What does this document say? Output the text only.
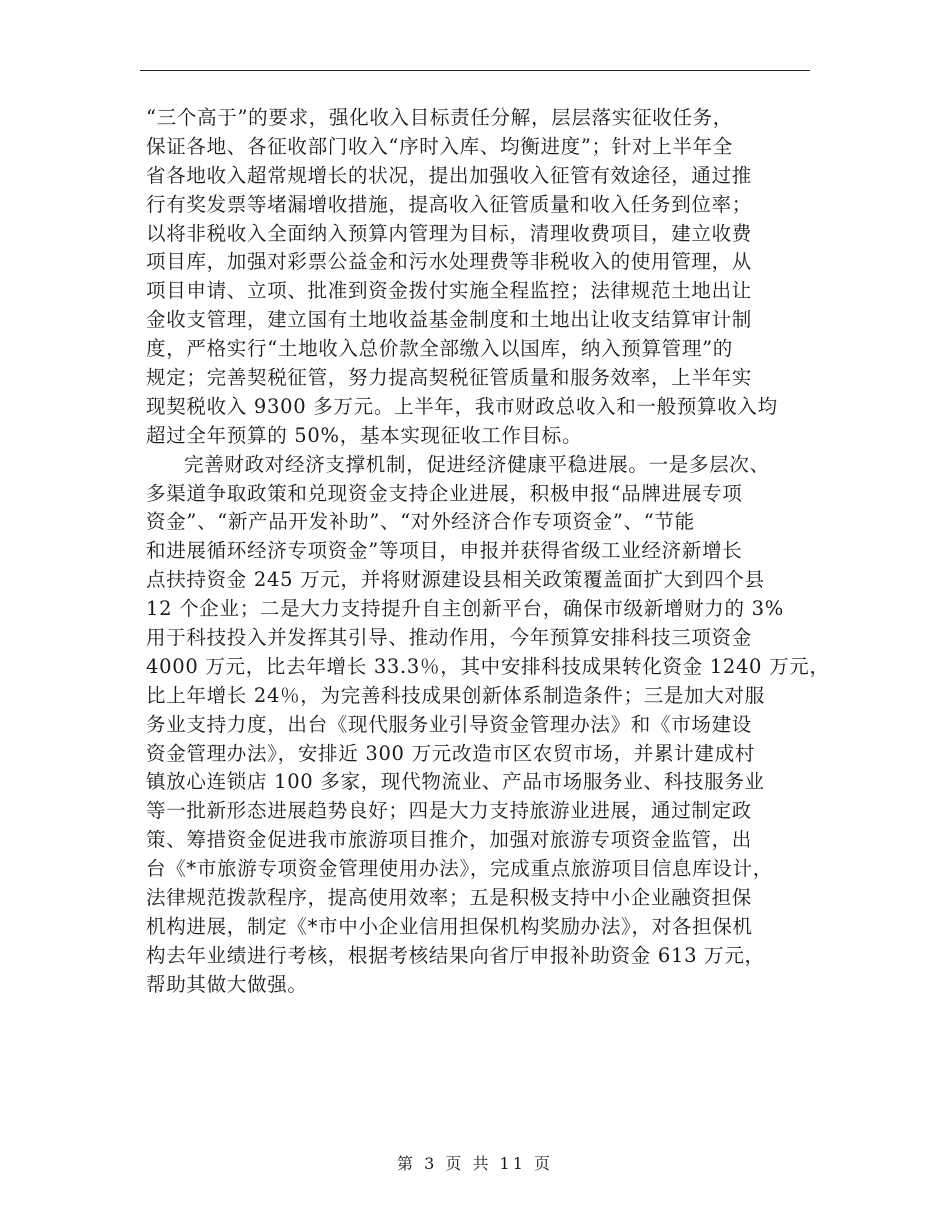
“三个高于”的要求，强化收入目标责任分解，层层落实征收任务，
保证各地、各征收部门收入“序时入库、均衡进度”；针对上半年全
省各地收入超常规增长的状况，提出加强收入征管有效途径，通过推
行有奖发票等堵漏增收措施，提高收入征管质量和收入任务到位率；
以将非税收入全面纳入预算内管理为目标，清理收费项目，建立收费
项目库，加强对彩票公益金和污水处理费等非税收入的使用管理，从
项目申请、立项、批准到资金拨付实施全程监控；法律规范土地出让
金收支管理，建立国有土地收益基金制度和土地出让收支结算审计制
度，严格实行“土地收入总价款全部缴入以国库，纳入预算管理”的
规定；完善契税征管，努力提高契税征管质量和服务效率，上半年实
现契税收入 9300 多万元。上半年，我市财政总收入和一般预算收入均
超过全年预算的 50%，基本实现征收工作目标。
完善财政对经济支撑机制，促进经济健康平稳进展。一是多层次、
多渠道争取政策和兑现资金支持企业进展，积极申报“品牌进展专项
资金”、“新产品开发补助”、“对外经济合作专项资金”、“节能
和进展循环经济专项资金”等项目，申报并获得省级工业经济新增长
点扶持资金 245 万元，并将财源建设县相关政策覆盖面扩大到四个县
12 个企业；二是大力支持提升自主创新平台，确保市级新增财力的 3%
用于科技投入并发挥其引导、推动作用，今年预算安排科技三项资金
4000 万元，比去年增长 33.3％，其中安排科技成果转化资金 1240 万元，
比上年增长 24％，为完善科技成果创新体系制造条件；三是加大对服
务业支持力度，出台《现代服务业引导资金管理办法》和《市场建设
资金管理办法》，安排近 300 万元改造市区农贸市场，并累计建成村
镇放心连锁店 100 多家，现代物流业、产品市场服务业、科技服务业
等一批新形态进展趋势良好；四是大力支持旅游业进展，通过制定政
策、筹措资金促进我市旅游项目推介，加强对旅游专项资金监管，出
台《*市旅游专项资金管理使用办法》，完成重点旅游项目信息库设计，
法律规范拨款程序，提高使用效率；五是积极支持中小企业融资担保
机构进展，制定《*市中小企业信用担保机构奖励办法》，对各担保机
构去年业绩进行考核，根据考核结果向省厅申报补助资金 613 万元，
帮助其做大做强。
第 3 页 共 11 页
